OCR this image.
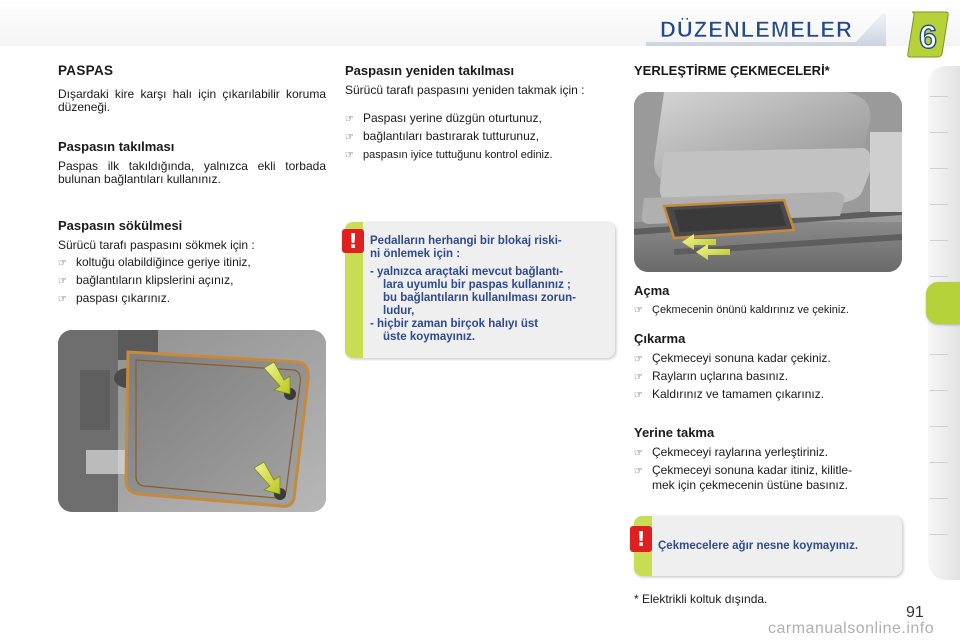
DÜZENLEMELER 6
PASPAS
Dışardaki kire karşı halı için çıkarılabilir koruma düzeneği.
Paspasın takılması
Paspas ilk takıldığında, yalnızca ekli torbada bulunan bağlantıları kullanınız.
Paspasın sökülmesi
Sürücü tarafı paspasını sökmek için :
☞ koltuğu olabildiğince geriye itiniz,
☞ bağlantıların klipslerini açınız,
☞ paspası çıkarınız.
Paspasın yeniden takılması
Sürücü tarafı paspasını yeniden takmak için :
☞ Paspası yerine düzgün oturtunuz,
☞ bağlantıları bastırarak tutturunuz,
☞ paspasın iyice tuttuğunu kontrol ediniz.
!	Pedalların herhangi bir blokaj riski-
ni önlemek için :
- yalnızca araçtaki mevcut bağlantı-
lara uyumlu bir paspas kullanınız ;
bu bağlantıların kullanılması zorun-
ludur,
- hiçbir zaman birçok halıyı üst
üste koymayınız.
YERLEŞTİRME ÇEKMECELERİ*
Açma
☞ Çekmecenin önünü kaldırınız ve çekiniz.
Çıkarma
☞ Çekmeceyi sonuna kadar çekiniz.
☞ Rayların uçlarına basınız.
☞ Kaldırınız ve tamamen çıkarınız.
Yerine takma
☞ Çekmeceyi raylarına yerleştiriniz.
☞ Çekmeceyi sonuna kadar itiniz, kilitle-
mek için çekmecenin üstüne basınız.
!	Çekmecelere ağır nesne koymayınız.
* Elektrikli koltuk dışında.
91
carmanualsonline.info
